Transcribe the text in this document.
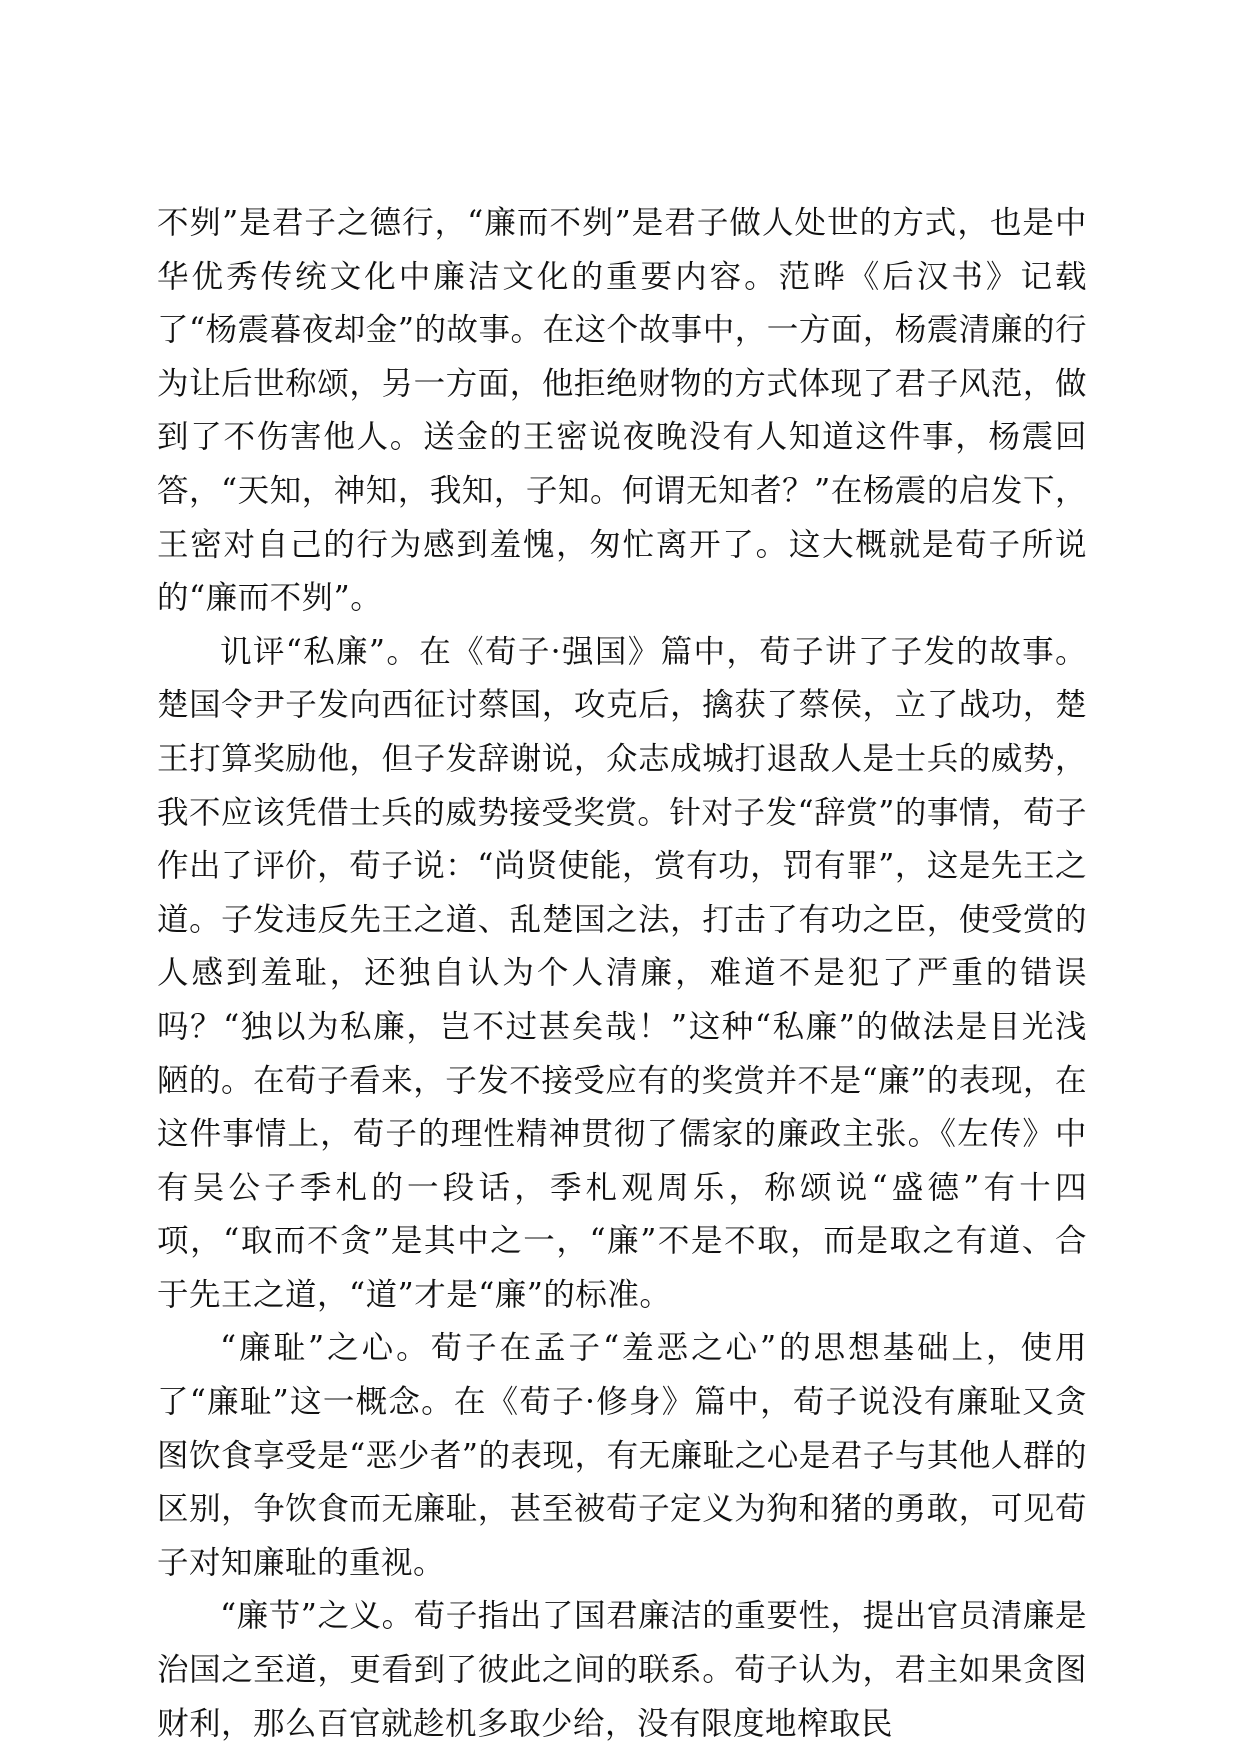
不刿”是君子之德行，“廉而不刿”是君子做人处世的方式，也是中华优秀传统文化中廉洁文化的重要内容。范晔《后汉书》记载了“杨震暮夜却金”的故事。在这个故事中，一方面，杨震清廉的行为让后世称颂，另一方面，他拒绝财物的方式体现了君子风范，做到了不伤害他人。送金的王密说夜晚没有人知道这件事，杨震回答，“天知，神知，我知，子知。何谓无知者？”在杨震的启发下，王密对自己的行为感到羞愧，匆忙离开了。这大概就是荀子所说的“廉而不刿”。

讥评“私廉”。在《荀子·强国》篇中，荀子讲了子发的故事。楚国令尹子发向西征讨蔡国，攻克后，擒获了蔡侯，立了战功，楚王打算奖励他，但子发辞谢说，众志成城打退敌人是士兵的威势，我不应该凭借士兵的威势接受奖赏。针对子发“辞赏”的事情，荀子作出了评价，荀子说：“尚贤使能，赏有功，罚有罪”，这是先王之道。子发违反先王之道、乱楚国之法，打击了有功之臣，使受赏的人感到羞耻，还独自认为个人清廉，难道不是犯了严重的错误吗？“独以为私廉，岂不过甚矣哉！”这种“私廉”的做法是目光浅陋的。在荀子看来，子发不接受应有的奖赏并不是“廉”的表现，在这件事情上，荀子的理性精神贯彻了儒家的廉政主张。《左传》中有吴公子季札的一段话，季札观周乐，称颂说“盛德”有十四项，“取而不贪”是其中之一，“廉”不是不取，而是取之有道、合于先王之道，“道”才是“廉”的标准。

“廉耻”之心。荀子在孟子“羞恶之心”的思想基础上，使用了“廉耻”这一概念。在《荀子·修身》篇中，荀子说没有廉耻又贪图饮食享受是“恶少者”的表现，有无廉耻之心是君子与其他人群的区别，争饮食而无廉耻，甚至被荀子定义为狗和猪的勇敢，可见荀子对知廉耻的重视。

“廉节”之义。荀子指出了国君廉洁的重要性，提出官员清廉是治国之至道，更看到了彼此之间的联系。荀子认为，君主如果贪图财利，那么百官就趁机多取少给，没有限度地榨取民
